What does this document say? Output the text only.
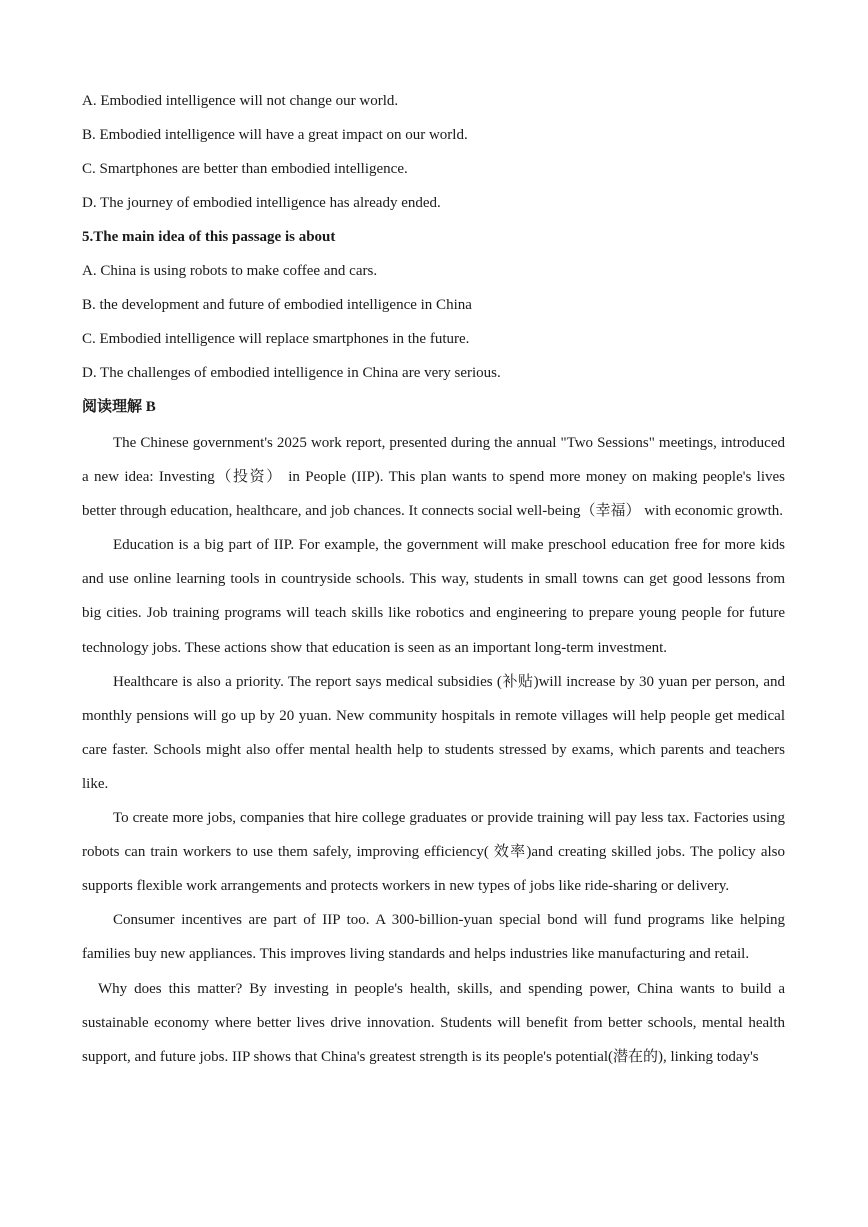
A. Embodied intelligence will not change our world.
B. Embodied intelligence will have a great impact on our world.
C. Smartphones are better than embodied intelligence.
D. The journey of embodied intelligence has already ended.
5.The main idea of this passage is about
A. China is using robots to make coffee and cars.
B. the development and future of embodied intelligence in China
C. Embodied intelligence will replace smartphones in the future.
D. The challenges of embodied intelligence in China are very serious.
阅读理解 B

The Chinese government's 2025 work report, presented during the annual "Two Sessions" meetings, introduced a new idea: Investing（投资） in People (IIP). This plan wants to spend more money on making people's lives better through education, healthcare, and job chances. It connects social well-being（幸福） with economic growth.

Education is a big part of IIP. For example, the government will make preschool education free for more kids and use online learning tools in countryside schools. This way, students in small towns can get good lessons from big cities. Job training programs will teach skills like robotics and engineering to prepare young people for future technology jobs. These actions show that education is seen as an important long-term investment.

Healthcare is also a priority. The report says medical subsidies (补贴)will increase by 30 yuan per person, and monthly pensions will go up by 20 yuan. New community hospitals in remote villages will help people get medical care faster. Schools might also offer mental health help to students stressed by exams, which parents and teachers like.

To create more jobs, companies that hire college graduates or provide training will pay less tax. Factories using robots can train workers to use them safely, improving efficiency( 效率)and creating skilled jobs. The policy also supports flexible work arrangements and protects workers in new types of jobs like ride-sharing or delivery.

Consumer incentives are part of IIP too. A 300-billion-yuan special bond will fund programs like helping families buy new appliances. This improves living standards and helps industries like manufacturing and retail.

Why does this matter? By investing in people's health, skills, and spending power, China wants to build a sustainable economy where better lives drive innovation. Students will benefit from better schools, mental health support, and future jobs. IIP shows that China's greatest strength is its people's potential(潜在的), linking today's
